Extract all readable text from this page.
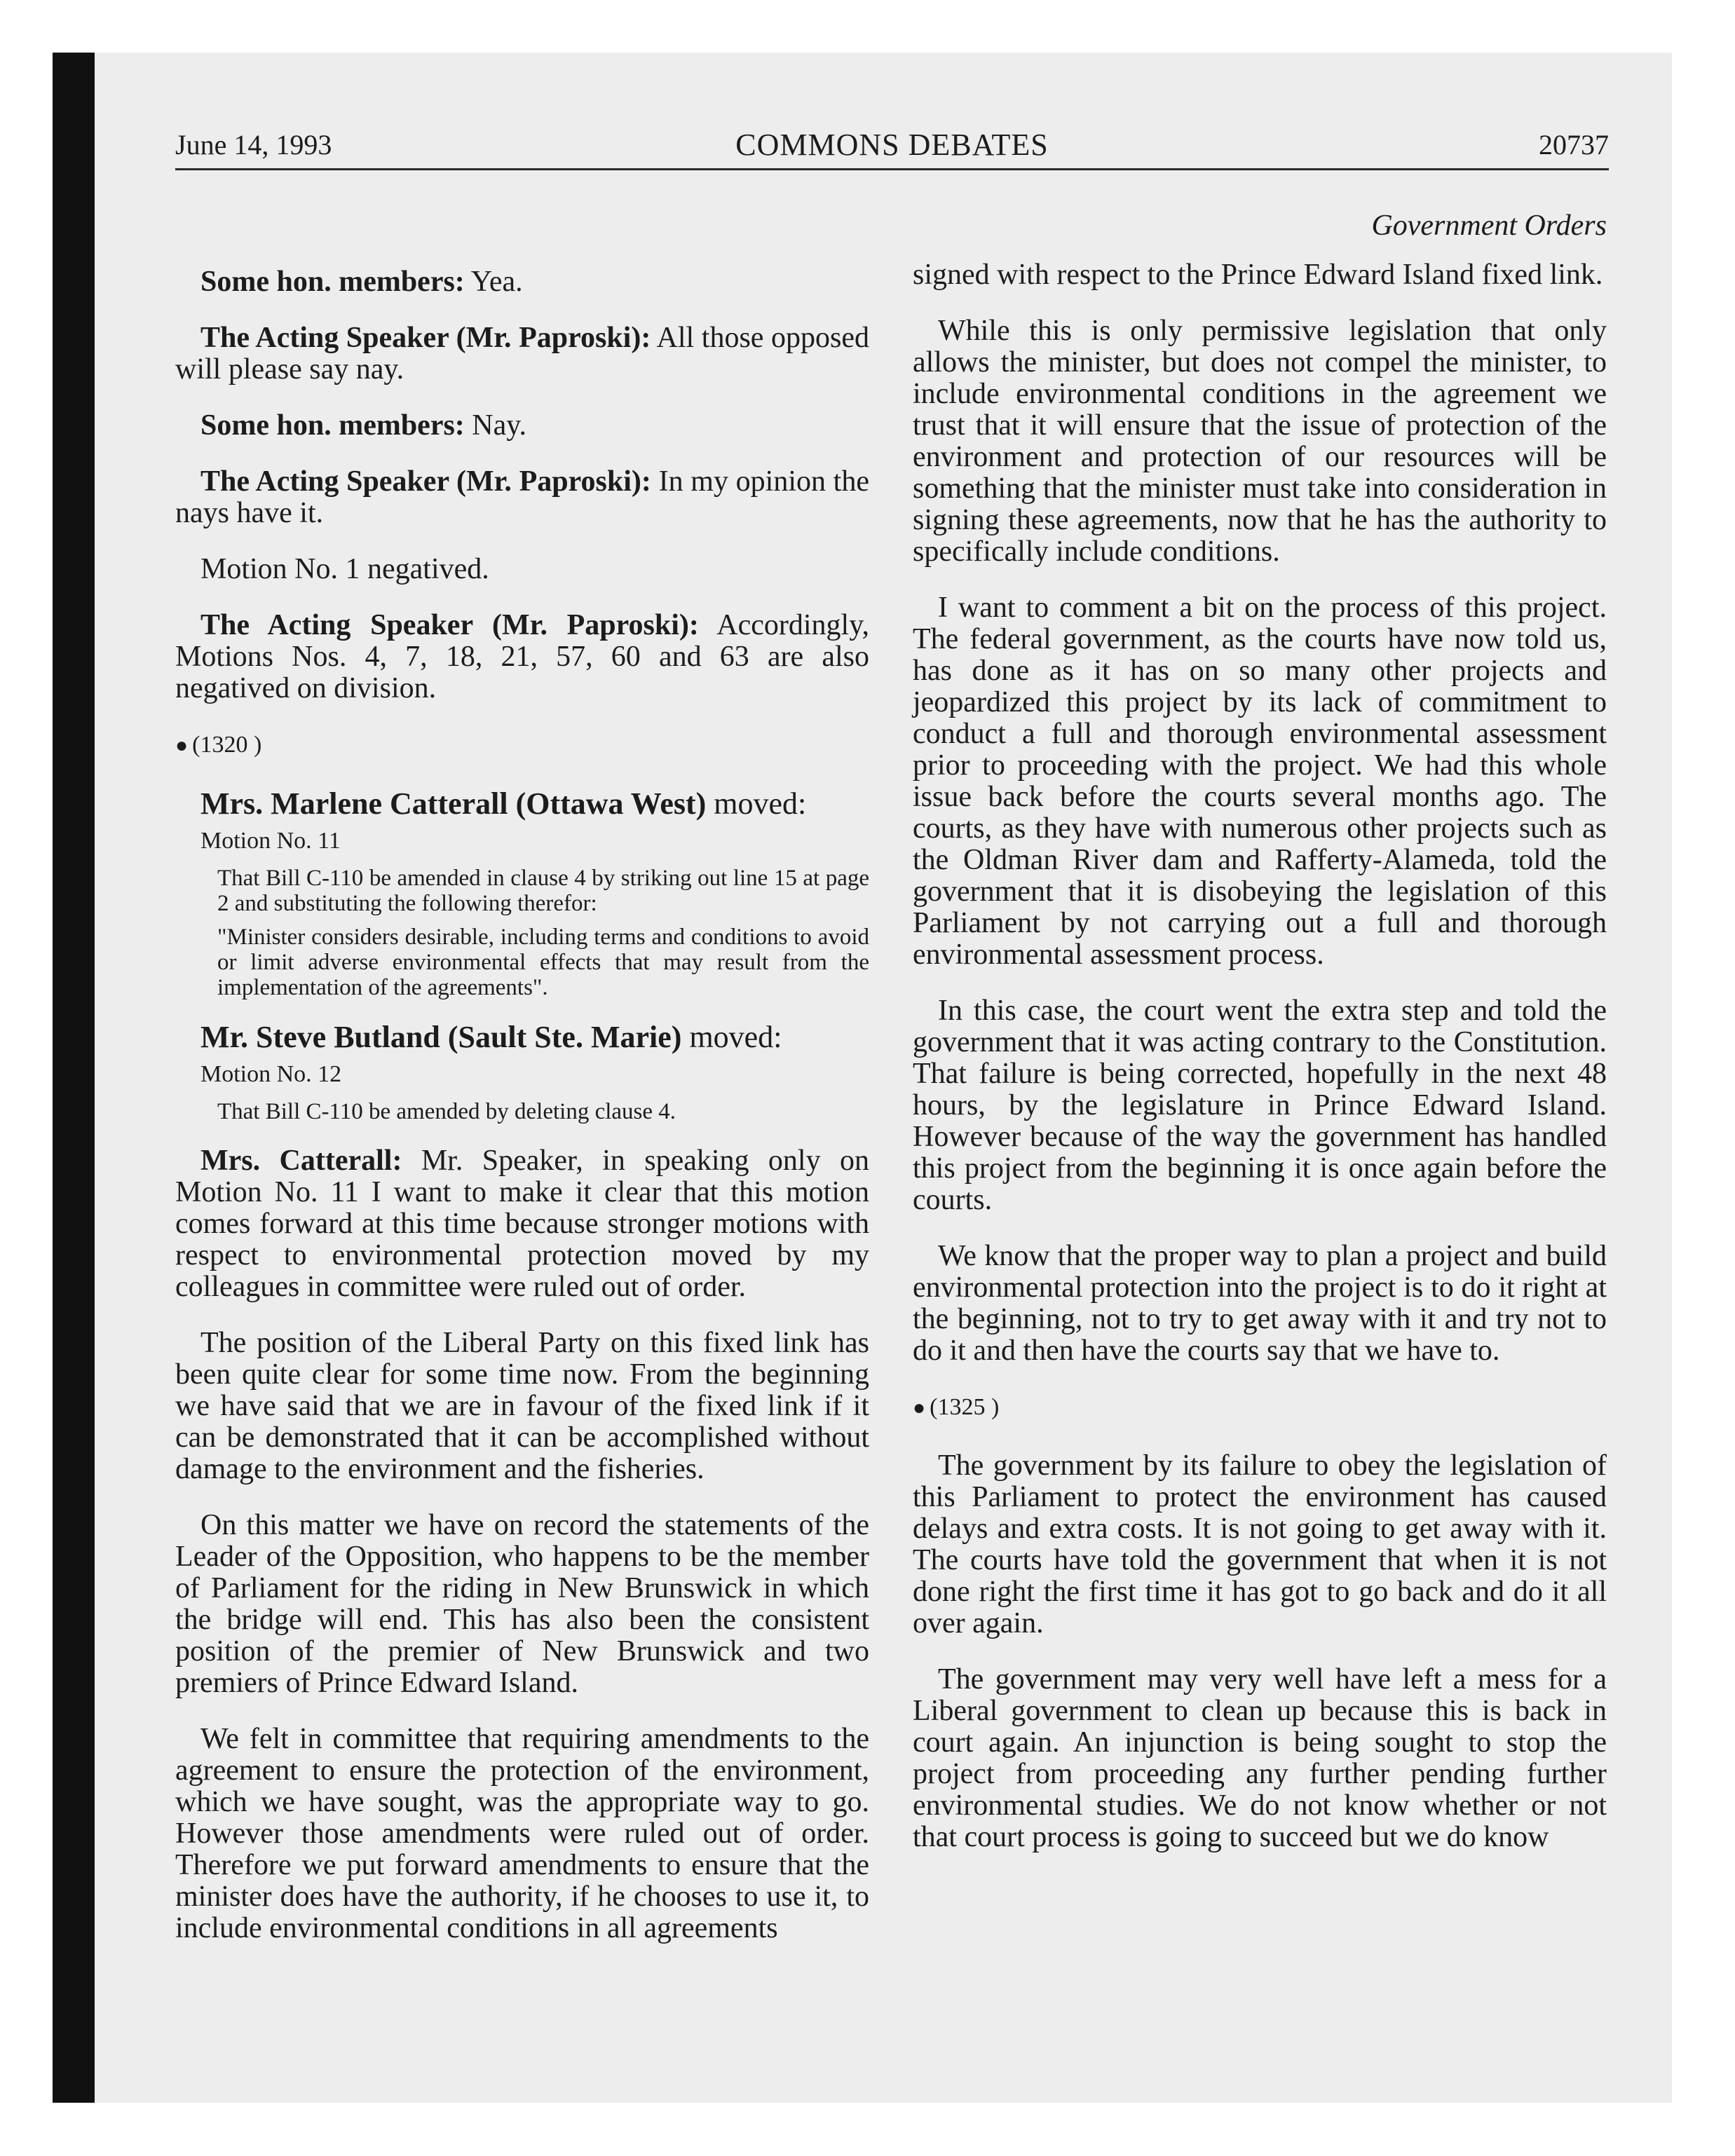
June 14, 1993	COMMONS DEBATES	20737
Government Orders

Some hon. members: Yea.

The Acting Speaker (Mr. Paproski): All those opposed will please say nay.

Some hon. members: Nay.

The Acting Speaker (Mr. Paproski): In my opinion the nays have it.

Motion No. 1 negatived.

The Acting Speaker (Mr. Paproski): Accordingly, Motions Nos. 4, 7, 18, 21, 57, 60 and 63 are also negatived on division.

● (1320 )

Mrs. Marlene Catterall (Ottawa West) moved:

Motion No. 11

That Bill C-110 be amended in clause 4 by striking out line 15 at page 2 and substituting the following therefor:

"Minister considers desirable, including terms and conditions to avoid or limit adverse environmental effects that may result from the implementation of the agreements".

Mr. Steve Butland (Sault Ste. Marie) moved:

Motion No. 12

That Bill C-110 be amended by deleting clause 4.

Mrs. Catterall: Mr. Speaker, in speaking only on Motion No. 11 I want to make it clear that this motion comes forward at this time because stronger motions with respect to environmental protection moved by my colleagues in committee were ruled out of order.

The position of the Liberal Party on this fixed link has been quite clear for some time now. From the beginning we have said that we are in favour of the fixed link if it can be demonstrated that it can be accomplished without damage to the environment and the fisheries.

On this matter we have on record the statements of the Leader of the Opposition, who happens to be the member of Parliament for the riding in New Brunswick in which the bridge will end. This has also been the consistent position of the premier of New Brunswick and two premiers of Prince Edward Island.

We felt in committee that requiring amendments to the agreement to ensure the protection of the environment, which we have sought, was the appropriate way to go. However those amendments were ruled out of order. Therefore we put forward amendments to ensure that the minister does have the authority, if he chooses to use it, to include environmental conditions in all agreements

signed with respect to the Prince Edward Island fixed link.

While this is only permissive legislation that only allows the minister, but does not compel the minister, to include environmental conditions in the agreement we trust that it will ensure that the issue of protection of the environment and protection of our resources will be something that the minister must take into consideration in signing these agreements, now that he has the authority to specifically include conditions.

I want to comment a bit on the process of this project. The federal government, as the courts have now told us, has done as it has on so many other projects and jeopardized this project by its lack of commitment to conduct a full and thorough environmental assessment prior to proceeding with the project. We had this whole issue back before the courts several months ago. The courts, as they have with numerous other projects such as the Oldman River dam and Rafferty-Alameda, told the government that it is disobeying the legislation of this Parliament by not carrying out a full and thorough environmental assessment process.

In this case, the court went the extra step and told the government that it was acting contrary to the Constitution. That failure is being corrected, hopefully in the next 48 hours, by the legislature in Prince Edward Island. However because of the way the government has handled this project from the beginning it is once again before the courts.

We know that the proper way to plan a project and build environmental protection into the project is to do it right at the beginning, not to try to get away with it and try not to do it and then have the courts say that we have to.

● (1325 )

The government by its failure to obey the legislation of this Parliament to protect the environment has caused delays and extra costs. It is not going to get away with it. The courts have told the government that when it is not done right the first time it has got to go back and do it all over again.

The government may very well have left a mess for a Liberal government to clean up because this is back in court again. An injunction is being sought to stop the project from proceeding any further pending further environmental studies. We do not know whether or not that court process is going to succeed but we do know
